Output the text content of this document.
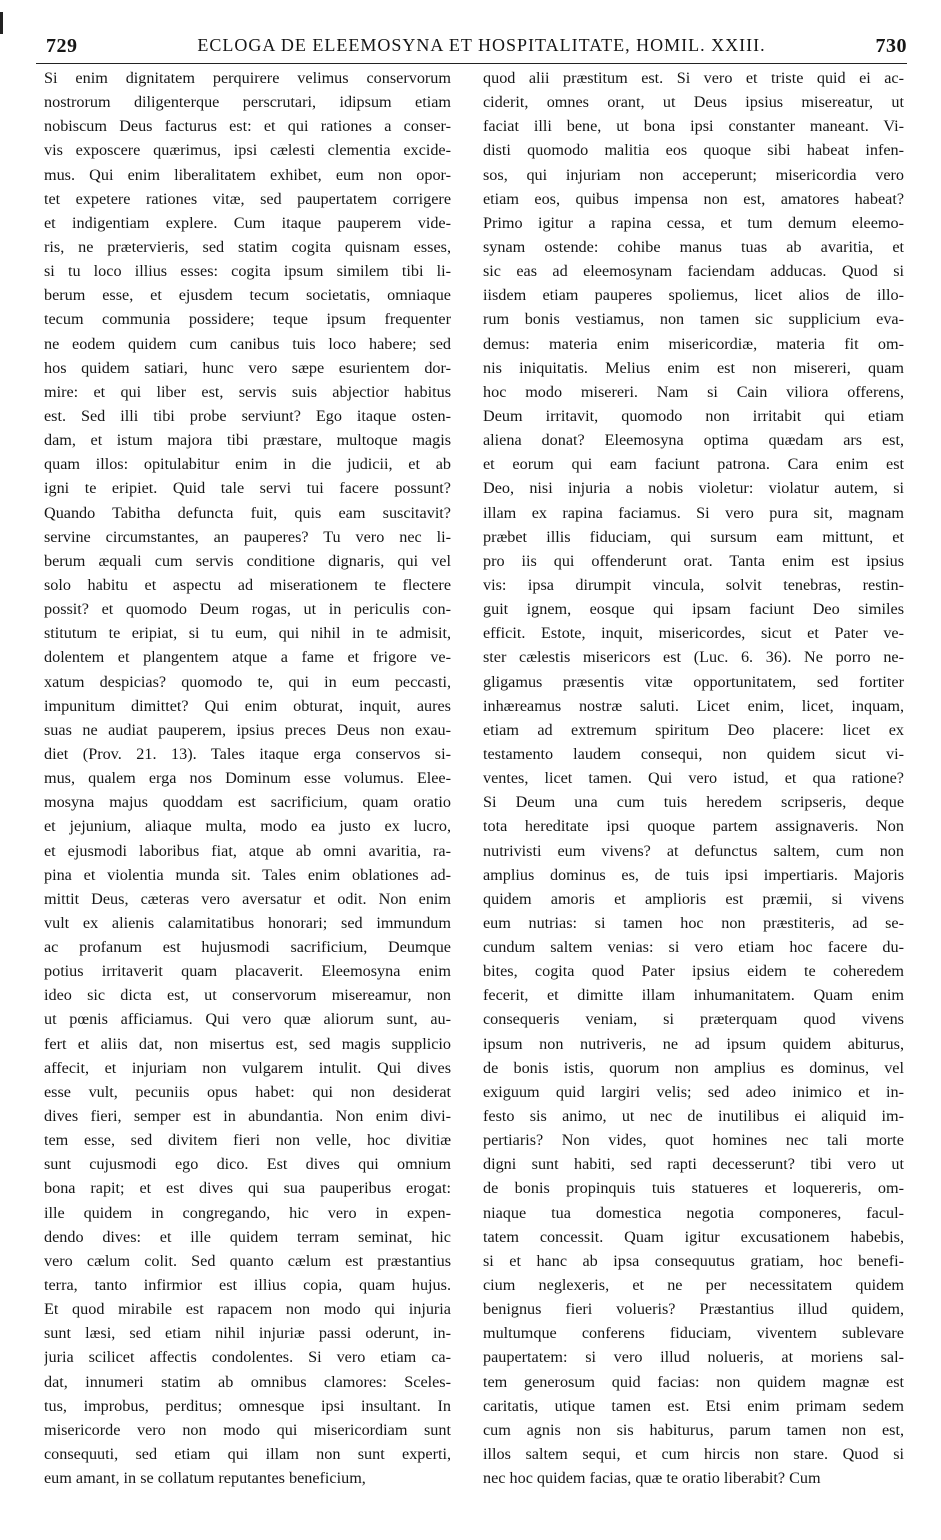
729	ECLOGA DE ELEEMOSYNA ET HOSPITALITATE, HOMIL. XXIII.	730
Si enim dignitatem perquirere velimus conservorum
nostrorum diligenterque perscrutari, idipsum etiam
nobiscum Deus facturus est: et qui rationes a conser-
vis exposcere quærimus, ipsi cælesti clementia excide-
mus. Qui enim liberalitatem exhibet, eum non opor-
tet expetere rationes vitæ, sed paupertatem corrigere
et indigentiam explere. Cum itaque pauperem vide-
ris, ne prætervieris, sed statim cogita quisnam esses,
si tu loco illius esses: cogita ipsum similem tibi li-
berum esse, et ejusdem tecum societatis, omniaque
tecum communia possidere; teque ipsum frequenter
ne eodem quidem cum canibus tuis loco habere; sed
hos quidem satiari, hunc vero sæpe esurientem dor-
mire: et qui liber est, servis suis abjectior habitus
est. Sed illi tibi probe serviunt? Ego itaque osten-
dam, et istum majora tibi præstare, multoque magis
quam illos: opitulabitur enim in die judicii, et ab
igni te eripiet. Quid tale servi tui facere possunt?
Quando Tabitha defuncta fuit, quis eam suscitavit?
servine circumstantes, an pauperes? Tu vero nec li-
berum æquali cum servis conditione dignaris, qui vel
solo habitu et aspectu ad miserationem te flectere
possit? et quomodo Deum rogas, ut in periculis con-
stitutum te eripiat, si tu eum, qui nihil in te admisit,
dolentem et plangentem atque a fame et frigore ve-
xatum despicias? quomodo te, qui in eum peccasti,
impunitum dimittet? Qui enim obturat, inquit, aures
suas ne audiat pauperem, ipsius preces Deus non exau-
diet (Prov. 21. 13). Tales itaque erga conservos si-
mus, qualem erga nos Dominum esse volumus. Elee-
mosyna majus quoddam est sacrificium, quam oratio
et jejunium, aliaque multa, modo ea justo ex lucro,
et ejusmodi laboribus fiat, atque ab omni avaritia, ra-
pina et violentia munda sit. Tales enim oblationes ad-
mittit Deus, cæteras vero aversatur et odit. Non enim
vult ex alienis calamitatibus honorari; sed immundum
ac profanum est hujusmodi sacrificium, Deumque
potius irritaverit quam placaverit. Eleemosyna enim
ideo sic dicta est, ut conservorum misereamur, non
ut pœnis afficiamus. Qui vero quæ aliorum sunt, au-
fert et aliis dat, non misertus est, sed magis supplicio
affecit, et injuriam non vulgarem intulit. Qui dives
esse vult, pecuniis opus habet: qui non desiderat
dives fieri, semper est in abundantia. Non enim divi-
tem esse, sed divitem fieri non velle, hoc divitiæ
sunt cujusmodi ego dico. Est dives qui omnium
bona rapit; et est dives qui sua pauperibus erogat:
ille quidem in congregando, hic vero in expen-
dendo dives: et ille quidem terram seminat, hic
vero cælum colit. Sed quanto cælum est præstantius
terra, tanto infirmior est illius copia, quam hujus.
Et quod mirabile est rapacem non modo qui injuria
sunt læsi, sed etiam nihil injuriæ passi oderunt, in-
juria scilicet affectis condolentes. Si vero etiam ca-
dat, innumeri statim ab omnibus clamores: Sceles-
tus, improbus, perditus; omnesque ipsi insultant. In
misericorde vero non modo qui misericordiam sunt
consequuti, sed etiam qui illam non sunt experti,
eum amant, in se collatum reputantes beneficium,
quod alii præstitum est. Si vero et triste quid ei ac-
ciderit, omnes orant, ut Deus ipsius misereatur, ut
faciat illi bene, ut bona ipsi constanter maneant. Vi-
disti quomodo malitia eos quoque sibi habeat infen-
sos, qui injuriam non acceperunt; misericordia vero
etiam eos, quibus impensa non est, amatores habeat?
Primo igitur a rapina cessa, et tum demum eleemo-
synam ostende: cohibe manus tuas ab avaritia, et
sic eas ad eleemosynam faciendam adducas. Quod si
iisdem etiam pauperes spoliemus, licet alios de illo-
rum bonis vestiamus, non tamen sic supplicium eva-
demus: materia enim misericordiæ, materia fit om-
nis iniquitatis. Melius enim est non misereri, quam
hoc modo misereri. Nam si Cain viliora offerens,
Deum irritavit, quomodo non irritabit qui etiam
aliena donat? Eleemosyna optima quædam ars est,
et eorum qui eam faciunt patrona. Cara enim est
Deo, nisi injuria a nobis violetur: violatur autem, si
illam ex rapina faciamus. Si vero pura sit, magnam
præbet illis fiduciam, qui sursum eam mittunt, et
pro iis qui offenderunt orat. Tanta enim est ipsius
vis: ipsa dirumpit vincula, solvit tenebras, restin-
guit ignem, eosque qui ipsam faciunt Deo similes
efficit. Estote, inquit, misericordes, sicut et Pater ve-
ster cælestis misericors est (Luc. 6. 36). Ne porro ne-
gligamus præsentis vitæ opportunitatem, sed fortiter
inhæreamus nostræ saluti. Licet enim, licet, inquam,
etiam ad extremum spiritum Deo placere: licet ex
testamento laudem consequi, non quidem sicut vi-
ventes, licet tamen. Qui vero istud, et qua ratione?
Si Deum una cum tuis heredem scripseris, deque
tota hereditate ipsi quoque partem assignaveris. Non
nutrivisti eum vivens? at defunctus saltem, cum non
amplius dominus es, de tuis ipsi impertiaris. Majoris
quidem amoris et amplioris est præmii, si vivens
eum nutrias: si tamen hoc non præstiteris, ad se-
cundum saltem venias: si vero etiam hoc facere du-
bites, cogita quod Pater ipsius eidem te coheredem
fecerit, et dimitte illam inhumanitatem. Quam enim
consequeris veniam, si præterquam quod vivens
ipsum non nutriveris, ne ad ipsum quidem abiturus,
de bonis istis, quorum non amplius es dominus, vel
exiguum quid largiri velis; sed adeo inimico et in-
festo sis animo, ut nec de inutilibus ei aliquid im-
pertiaris? Non vides, quot homines nec tali morte
digni sunt habiti, sed rapti decesserunt? tibi vero ut
de bonis propinquis tuis statueres et loquereris, om-
niaque tua domestica negotia componeres, facul-
tatem concessit. Quam igitur excusationem habebis,
si et hanc ab ipsa consequutus gratiam, hoc benefi-
cium neglexeris, et ne per necessitatem quidem
benignus fieri volueris? Præstantius illud quidem,
multumque conferens fiduciam, viventem sublevare
paupertatem: si vero illud nolueris, at moriens sal-
tem generosum quid facias: non quidem magnæ est
caritatis, utique tamen est. Etsi enim primam sedem
cum agnis non sis habiturus, parum tamen non est,
illos saltem sequi, et cum hircis non stare. Quod si
nec hoc quidem facias, quæ te oratio liberabit? Cum
